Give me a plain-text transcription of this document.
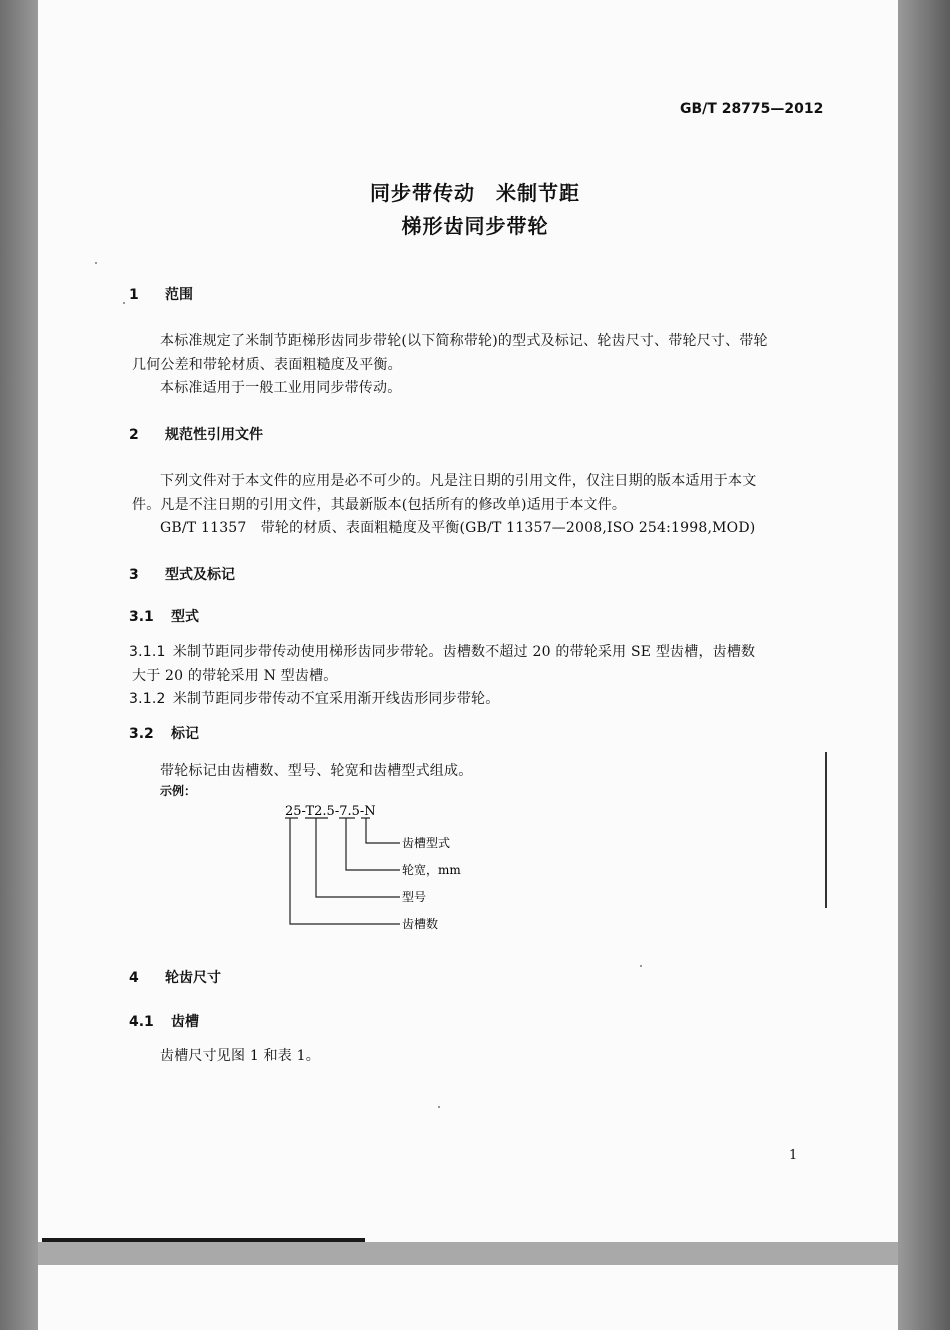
GB/T 28775—2012
同步带传动　米制节距
梯形齿同步带轮
1 范围
本标准规定了米制节距梯形齿同步带轮(以下简称带轮)的型式及标记、轮齿尺寸、带轮尺寸、带轮
几何公差和带轮材质、表面粗糙度及平衡。
本标准适用于一般工业用同步带传动。
2 规范性引用文件
下列文件对于本文件的应用是必不可少的。凡是注日期的引用文件，仅注日期的版本适用于本文
件。凡是不注日期的引用文件，其最新版本(包括所有的修改单)适用于本文件。
GB/T 11357　带轮的材质、表面粗糙度及平衡(GB/T 11357—2008,ISO 254:1998,MOD)
3 型式及标记
3.1 型式
3.1.1  米制节距同步带传动使用梯形齿同步带轮。齿槽数不超过 20 的带轮采用 SE 型齿槽，齿槽数
大于 20 的带轮采用 N 型齿槽。
3.1.2  米制节距同步带传动不宜采用渐开线齿形同步带轮。
3.2 标记
带轮标记由齿槽数、型号、轮宽和齿槽型式组成。
示例：
25-T2.5-7.5-N
齿槽型式
轮宽，mm
型号
齿槽数
4 轮齿尺寸
4.1 齿槽
齿槽尺寸见图 1 和表 1。
1
